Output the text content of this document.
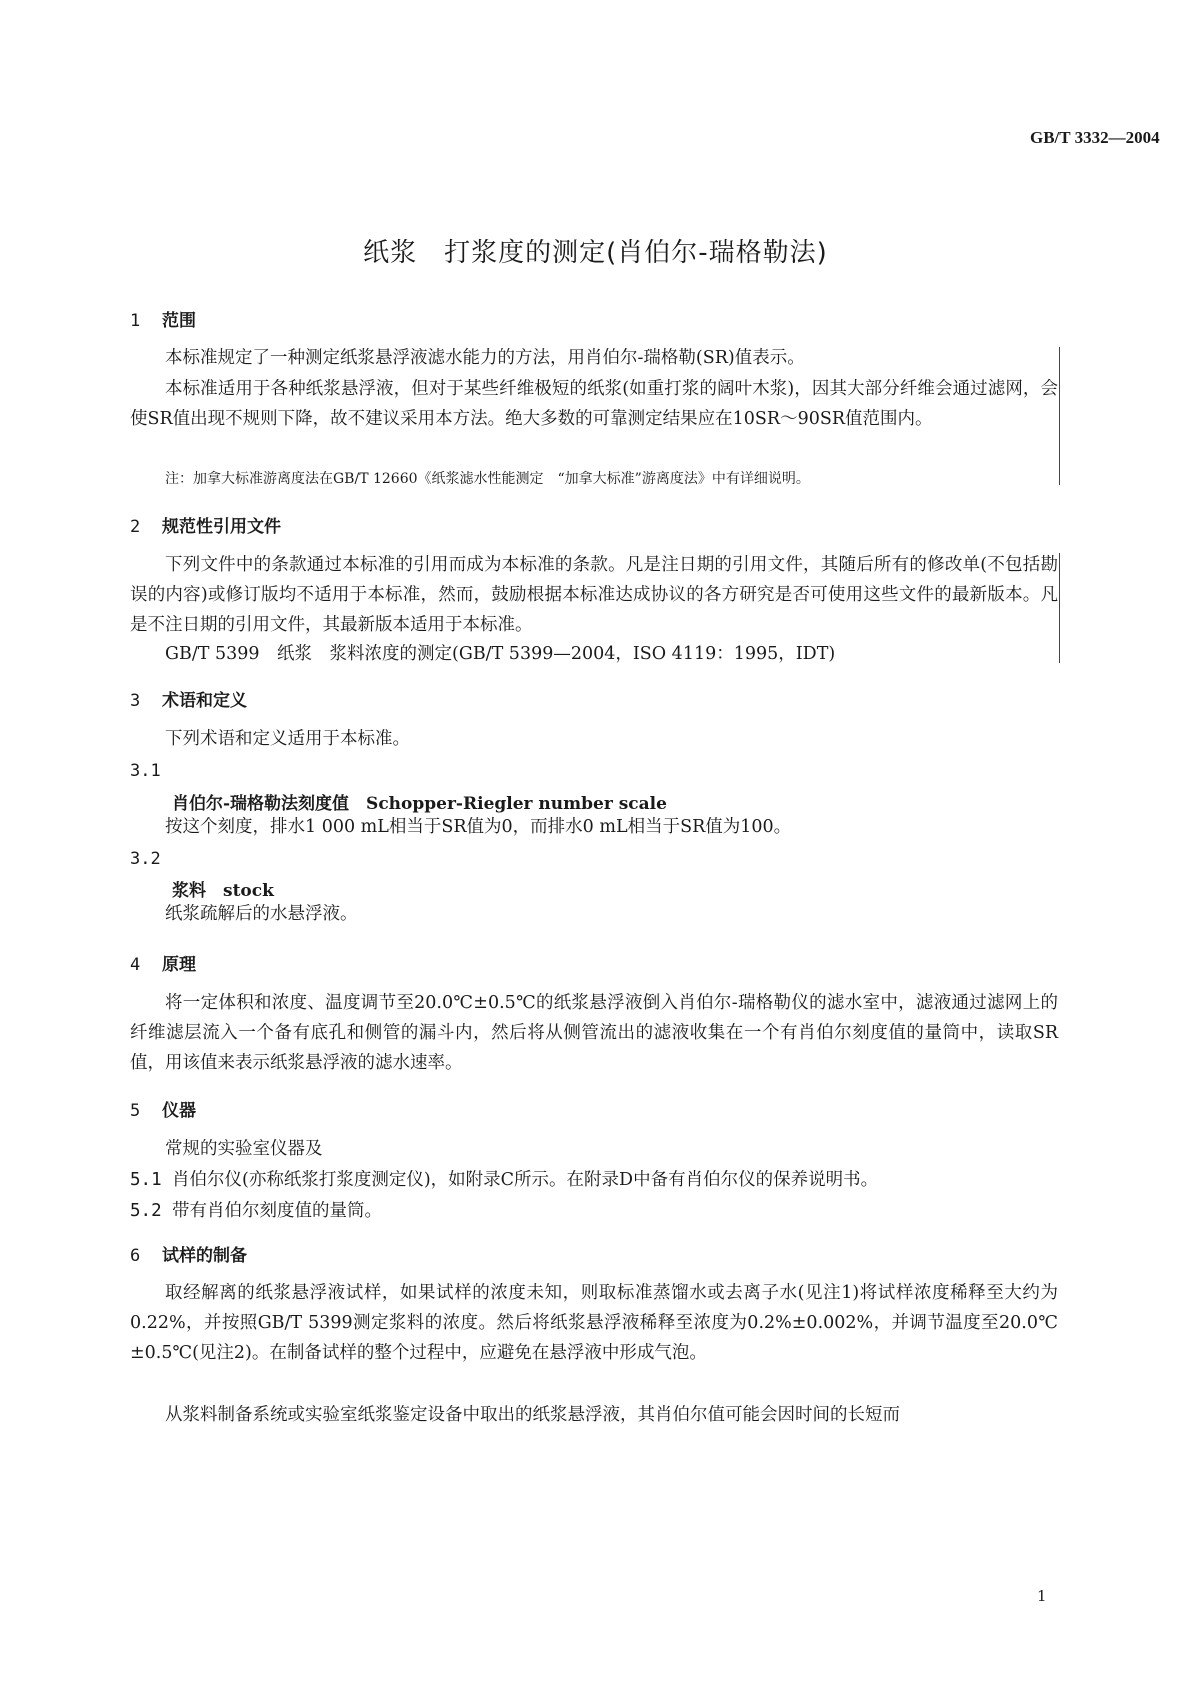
GB/T 3332—2004
纸浆　打浆度的测定(肖伯尔-瑞格勒法)
1 范围
本标准规定了一种测定纸浆悬浮液滤水能力的方法，用肖伯尔-瑞格勒(SR)值表示。
本标准适用于各种纸浆悬浮液，但对于某些纤维极短的纸浆(如重打浆的阔叶木浆)，因其大部分纤维会通过滤网，会使SR值出现不规则下降，故不建议采用本方法。绝大多数的可靠测定结果应在10SR～90SR值范围内。
注：加拿大标准游离度法在GB/T 12660《纸浆滤水性能测定　“加拿大标准”游离度法》中有详细说明。
2 规范性引用文件
下列文件中的条款通过本标准的引用而成为本标准的条款。凡是注日期的引用文件，其随后所有的修改单(不包括勘误的内容)或修订版均不适用于本标准，然而，鼓励根据本标准达成协议的各方研究是否可使用这些文件的最新版本。凡是不注日期的引用文件，其最新版本适用于本标准。
GB/T 5399　纸浆　浆料浓度的测定(GB/T 5399—2004，ISO 4119：1995，IDT)
3 术语和定义
下列术语和定义适用于本标准。
3.1
肖伯尔-瑞格勒法刻度值　Schopper-Riegler number scale
按这个刻度，排水1 000 mL相当于SR值为0，而排水0 mL相当于SR值为100。
3.2
浆料　stock
纸浆疏解后的水悬浮液。
4 原理
将一定体积和浓度、温度调节至20.0℃±0.5℃的纸浆悬浮液倒入肖伯尔-瑞格勒仪的滤水室中，滤液通过滤网上的纤维滤层流入一个备有底孔和侧管的漏斗内，然后将从侧管流出的滤液收集在一个有肖伯尔刻度值的量筒中，读取SR值，用该值来表示纸浆悬浮液的滤水速率。
5 仪器
常规的实验室仪器及
5.1 肖伯尔仪(亦称纸浆打浆度测定仪)，如附录C所示。在附录D中备有肖伯尔仪的保养说明书。
5.2 带有肖伯尔刻度值的量筒。
6 试样的制备
取经解离的纸浆悬浮液试样，如果试样的浓度未知，则取标准蒸馏水或去离子水(见注1)将试样浓度稀释至大约为0.22%，并按照GB/T 5399测定浆料的浓度。然后将纸浆悬浮液稀释至浓度为0.2%±0.002%，并调节温度至20.0℃±0.5℃(见注2)。在制备试样的整个过程中，应避免在悬浮液中形成气泡。
从浆料制备系统或实验室纸浆鉴定设备中取出的纸浆悬浮液，其肖伯尔值可能会因时间的长短而
1
